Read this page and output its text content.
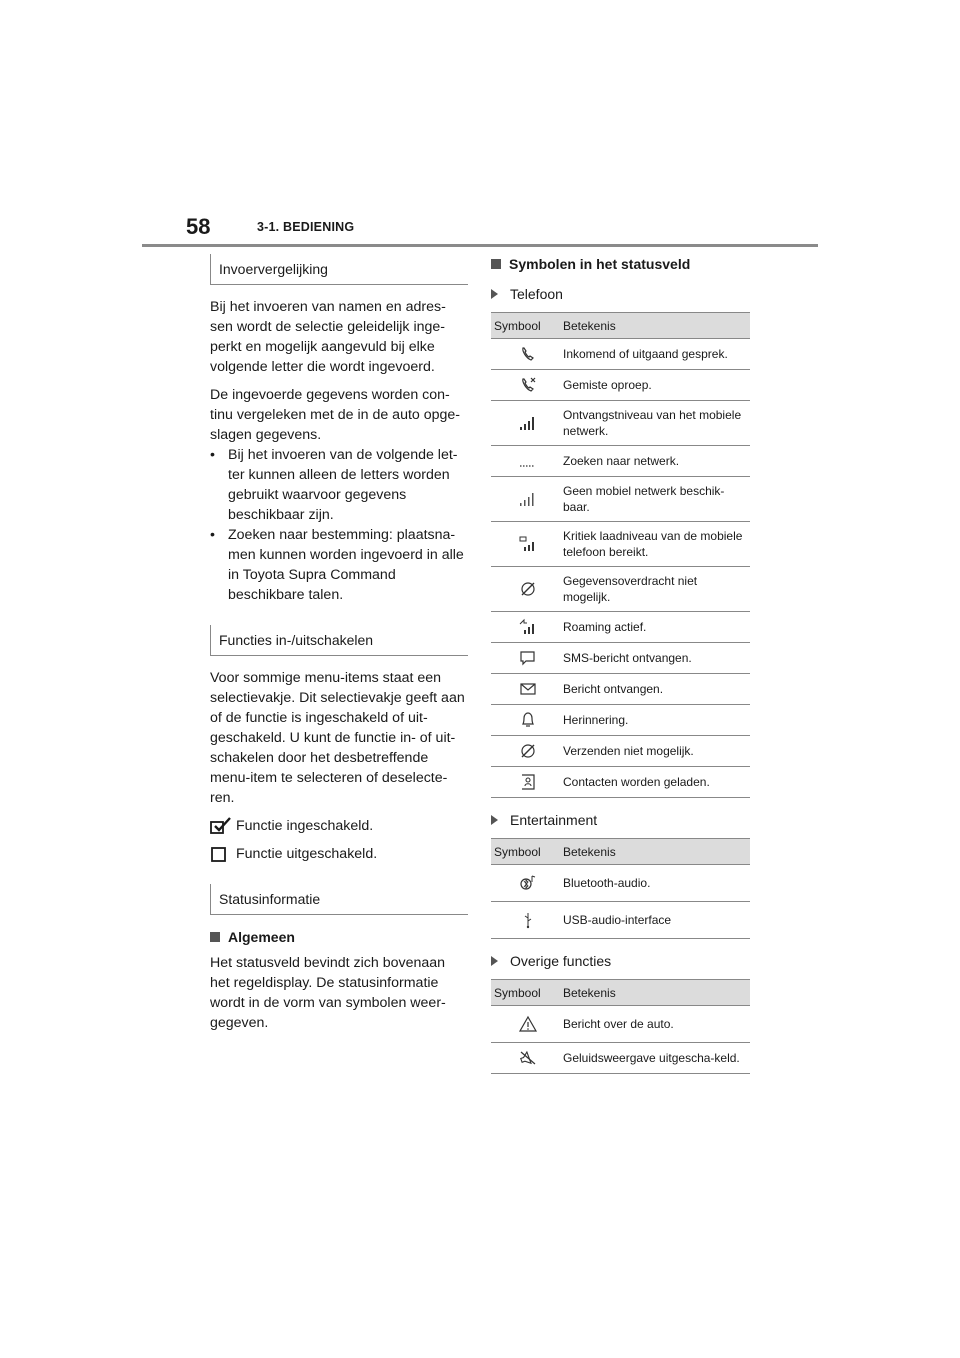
58	3-1. BEDIENING
Invoervergelijking

Bij het invoeren van namen en adres-sen wordt de selectie geleidelijk inge-perkt en mogelijk aangevuld bij elke volgende letter die wordt ingevoerd.

De ingevoerde gegevens worden con-tinu vergeleken met de in de auto opge-slagen gegevens.

• Bij het invoeren van de volgende let-ter kunnen alleen de letters worden gebruikt waarvoor gegevens beschikbaar zijn.
• Zoeken naar bestemming: plaatsna-men kunnen worden ingevoerd in alle in Toyota Supra Command beschikbare talen.
Functies in-/uitschakelen

Voor sommige menu-items staat een selectievakje. Dit selectievakje geeft aan of de functie is ingeschakeld of uit-geschakeld. U kunt de functie in- of uit-schakelen door het desbetreffende menu-item te selecteren of deselecte-ren.

Functie ingeschakeld.
Functie uitgeschakeld.
Statusinformatie
Algemeen

Het statusveld bevindt zich bovenaan het regeldisplay. De statusinformatie wordt in de vorm van symbolen weer-gegeven.

Symbolen in het statusveld
Telefoon
Symbool	Betekenis
	Inkomend of uitgaand gesprek.
	Gemiste oproep.
	Ontvangstniveau van het mobiele netwerk.
	Zoeken naar netwerk.
	Geen mobiel netwerk beschik-baar.
	Kritiek laadniveau van de mobiele telefoon bereikt.
	Gegevensoverdracht niet mogelijk.
	Roaming actief.
	SMS-bericht ontvangen.
	Bericht ontvangen.
	Herinnering.
	Verzenden niet mogelijk.
	Contacten worden geladen.
Entertainment
Symbool	Betekenis
	Bluetooth-audio.
	USB-audio-interface
Overige functies
Symbool	Betekenis
	Bericht over de auto.
	Geluidsweergave uitgescha-keld.
